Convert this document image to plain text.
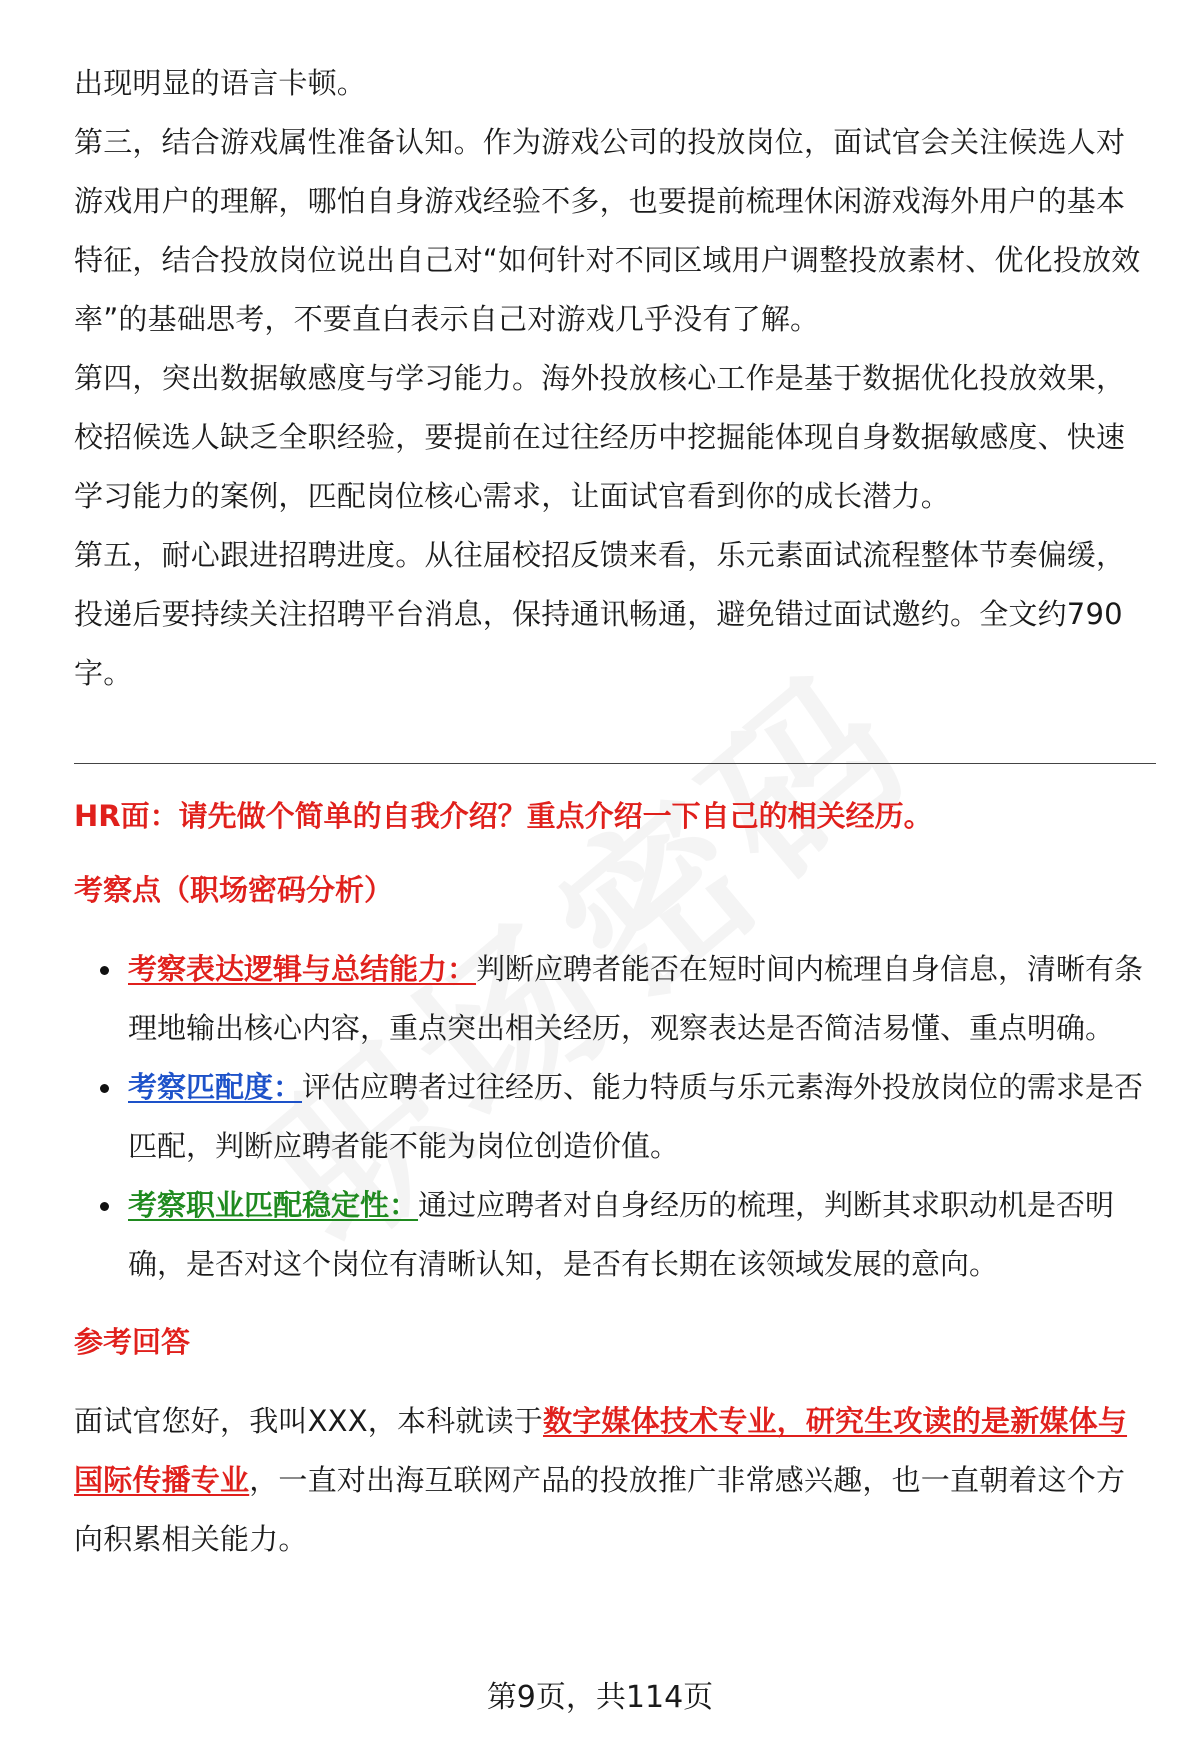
出现明显的语言卡顿。

第三，结合游戏属性准备认知。作为游戏公司的投放岗位，面试官会关注候选人对游戏用户的理解，哪怕自身游戏经验不多，也要提前梳理休闲游戏海外用户的基本特征，结合投放岗位说出自己对“如何针对不同区域用户调整投放素材、优化投放效率”的基础思考，不要直白表示自己对游戏几乎没有了解。

第四，突出数据敏感度与学习能力。海外投放核心工作是基于数据优化投放效果，校招候选人缺乏全职经验，要提前在过往经历中挖掘能体现自身数据敏感度、快速学习能力的案例，匹配岗位核心需求，让面试官看到你的成长潜力。

第五，耐心跟进招聘进度。从往届校招反馈来看，乐元素面试流程整体节奏偏缓，投递后要持续关注招聘平台消息，保持通讯畅通，避免错过面试邀约。全文约790字。

HR面：请先做个简单的自我介绍？重点介绍一下自己的相关经历。

考察点（职场密码分析）

考察表达逻辑与总结能力：判断应聘者能否在短时间内梳理自身信息，清晰有条理地输出核心内容，重点突出相关经历，观察表达是否简洁易懂、重点明确。
考察匹配度：评估应聘者过往经历、能力特质与乐元素海外投放岗位的需求是否匹配，判断应聘者能不能为岗位创造价值。
考察职业匹配稳定性：通过应聘者对自身经历的梳理，判断其求职动机是否明确，是否对这个岗位有清晰认知，是否有长期在该领域发展的意向。

参考回答

面试官您好，我叫XXX，本科就读于数字媒体技术专业，研究生攻读的是新媒体与国际传播专业，一直对出海互联网产品的投放推广非常感兴趣，也一直朝着这个方向积累相关能力。

第9页，共114页
